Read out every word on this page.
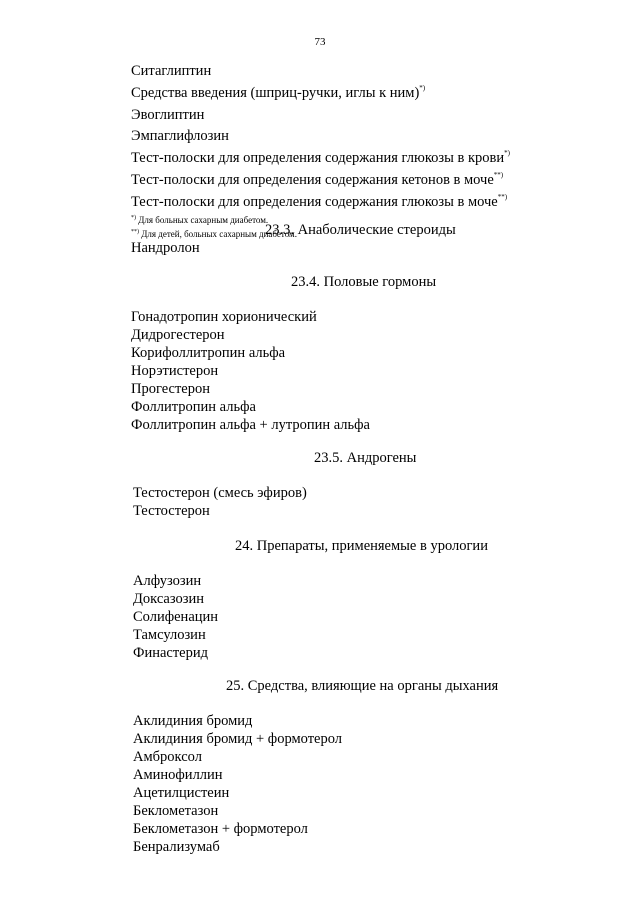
73
Ситаглиптин
Средства введения (шприц-ручки, иглы к ним)*)
Эвоглиптин
Эмпаглифлозин
Тест-полоски для определения содержания глюкозы в крови*)
Тест-полоски для определения содержания кетонов в моче**)
Тест-полоски для определения содержания глюкозы в моче**)
*) Для больных сахарным диабетом.
**) Для детей, больных сахарным диабетом.
23.3. Анаболические стероиды
Нандролон
23.4. Половые гормоны
Гонадотропин хорионический
Дидрогестерон
Корифоллитропин альфа
Норэтистерон
Прогестерон
Фоллитропин альфа
Фоллитропин альфа + лутропин альфа
23.5. Андрогены
Тестостерон (смесь эфиров)
Тестостерон
24. Препараты, применяемые в урологии
Алфузозин
Доксазозин
Солифенацин
Тамсулозин
Финастерид
25. Средства, влияющие на органы дыхания
Аклидиния бромид
Аклидиния бромид + формотерол
Амброксол
Аминофиллин
Ацетилцистеин
Беклометазон
Беклометазон + формотерол
Бенрализумаб
